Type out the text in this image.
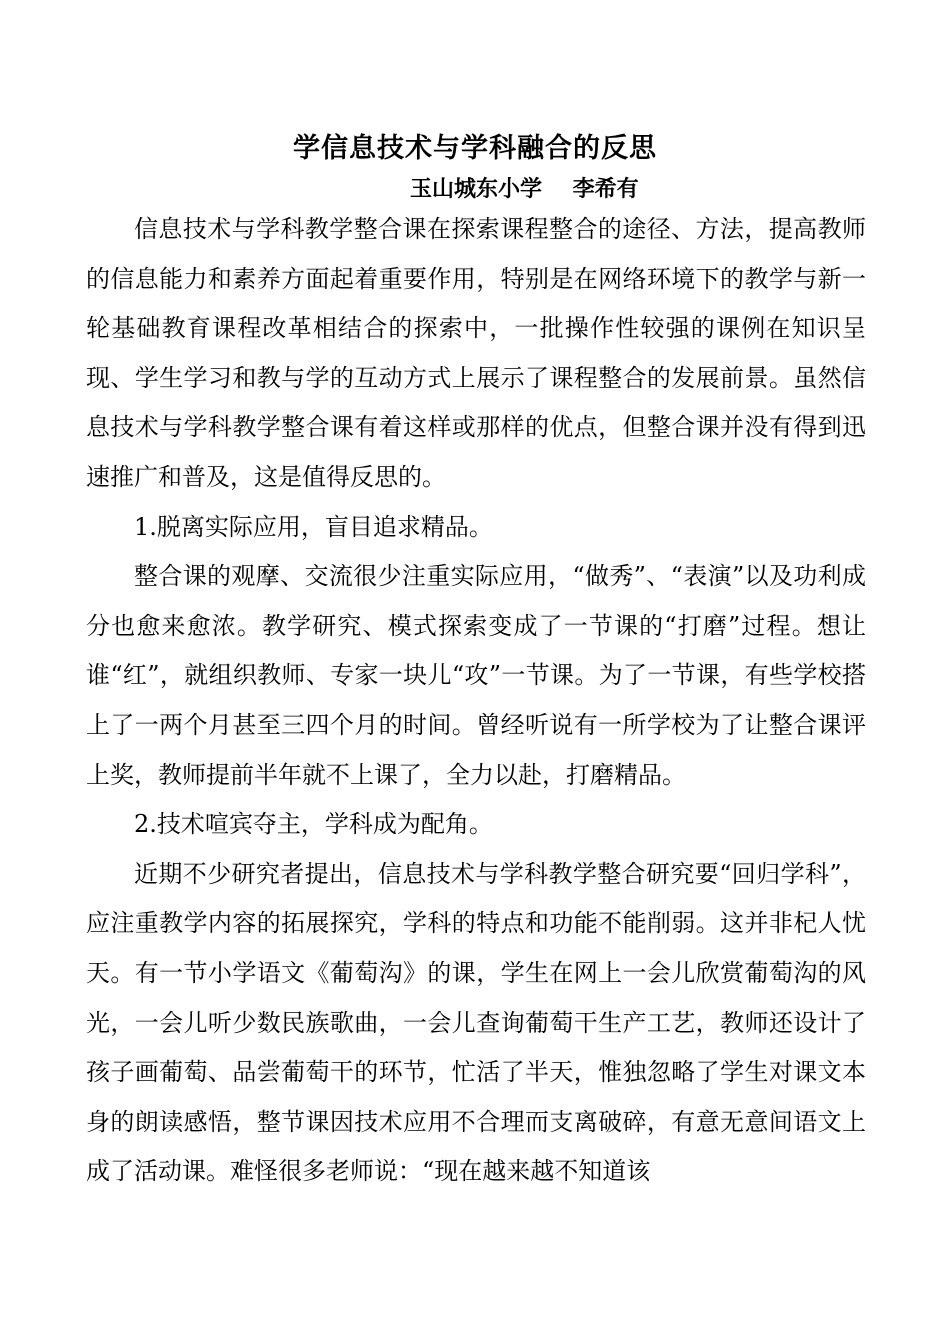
学信息技术与学科融合的反思
玉山城东小学    李希有

信息技术与学科教学整合课在探索课程整合的途径、方法，提高教师的信息能力和素养方面起着重要作用，特别是在网络环境下的教学与新一轮基础教育课程改革相结合的探索中，一批操作性较强的课例在知识呈现、学生学习和教与学的互动方式上展示了课程整合的发展前景。虽然信息技术与学科教学整合课有着这样或那样的优点，但整合课并没有得到迅速推广和普及，这是值得反思的。

1.脱离实际应用，盲目追求精品。

整合课的观摩、交流很少注重实际应用，“做秀”、“表演”以及功利成分也愈来愈浓。教学研究、模式探索变成了一节课的“打磨”过程。想让谁“红”，就组织教师、专家一块儿“攻”一节课。为了一节课，有些学校搭上了一两个月甚至三四个月的时间。曾经听说有一所学校为了让整合课评上奖，教师提前半年就不上课了，全力以赴，打磨精品。

2.技术喧宾夺主，学科成为配角。

近期不少研究者提出，信息技术与学科教学整合研究要“回归学科”，应注重教学内容的拓展探究，学科的特点和功能不能削弱。这并非杞人忧天。有一节小学语文《葡萄沟》的课，学生在网上一会儿欣赏葡萄沟的风光，一会儿听少数民族歌曲，一会儿查询葡萄干生产工艺，教师还设计了孩子画葡萄、品尝葡萄干的环节，忙活了半天，惟独忽略了学生对课文本身的朗读感悟，整节课因技术应用不合理而支离破碎，有意无意间语文上成了活动课。难怪很多老师说：“现在越来越不知道该
